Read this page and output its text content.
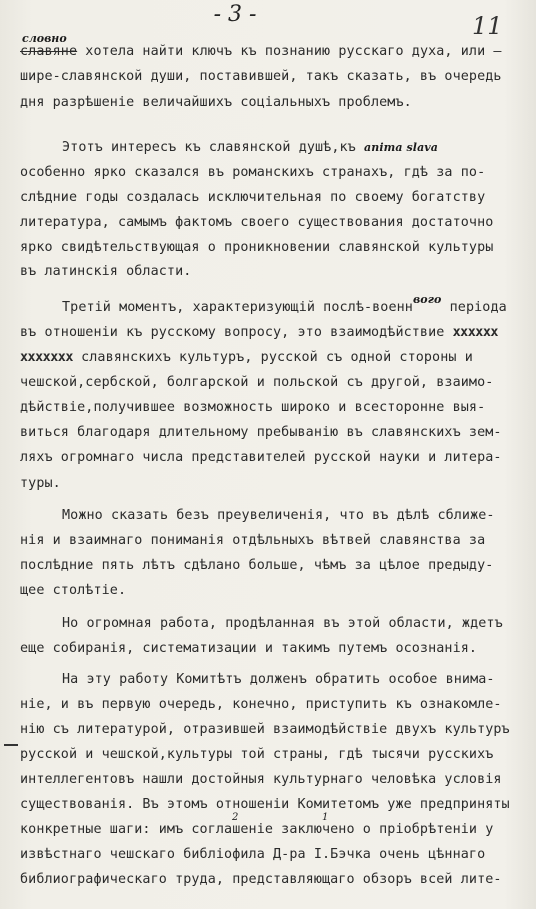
- 3 -	11
словно
славяне хотела найти ключъ къ познанию русскаго духа, или —
шире-славянской души, поставившей, такъ сказать, въ очередь
дня разрѣшеніе величайшихъ соціальныхъ проблемъ.
Этотъ интересъ къ славянской душѣ,къ anima slava
особенно ярко сказался въ романскихъ странахъ, гдѣ за по-
слѣдние годы создалась исключительная по своему богатству
литература, самымъ фактомъ своего существования достаточно
ярко свидѣтельствующая о проникновении славянской культуры
въ латинскія области.
Третій моментъ, характеризующій послѣ-военн$^{вого}$ періода
въ отношеніи къ русскому вопросу, это взаимодѣйствие xxxxxx
xxxxxxx славянскихъ культуръ, русской съ одной стороны и
чешской,сербской, болгарской и польской съ другой, взаимо-
дѣйствіе,получившее возможность широко и всесторонне выя-
виться благодаря длительному пребыванію въ славянскихъ зем-
ляхъ огромнаго числа представителей русской науки и литера-
туры.
Можно сказать безъ преувеличенія, что въ дѣлѣ сближе-
нія и взаимнаго пониманія отдѣльныхъ вѣтвей славянства за
послѣдние пять лѣтъ сдѣлано больше, чѣмъ за цѣлое предыду-
щее столѣтіе.
Но огромная работа, продѣланная въ этой области, ждетъ
еще собиранія, систематизации и такимъ путемъ осознанія.
На эту работу Комитѣтъ долженъ обратить особое внима-
ніе, и въ первую очередь, конечно, приступить къ ознакомле-
нію съ литературой, отразившей взаимодѣйствіе двухъ культуръ
русской и чешской,культуры той страны, гдѣ тысячи русскихъ
интеллегентовъ нашли достойныя культурнаго человѣка условія
существованія. Въ этомъ отношеніи Комитетомъ уже предприняты
2	1
конкретные шаги: имъ соглашеніе заключено о пріобрѣтеніи у
извѣстнаго чешскаго библіофила Д-ра І.Бэчка очень цѣннаго
библиографическаго труда, представляющаго обзоръ всей лите-
